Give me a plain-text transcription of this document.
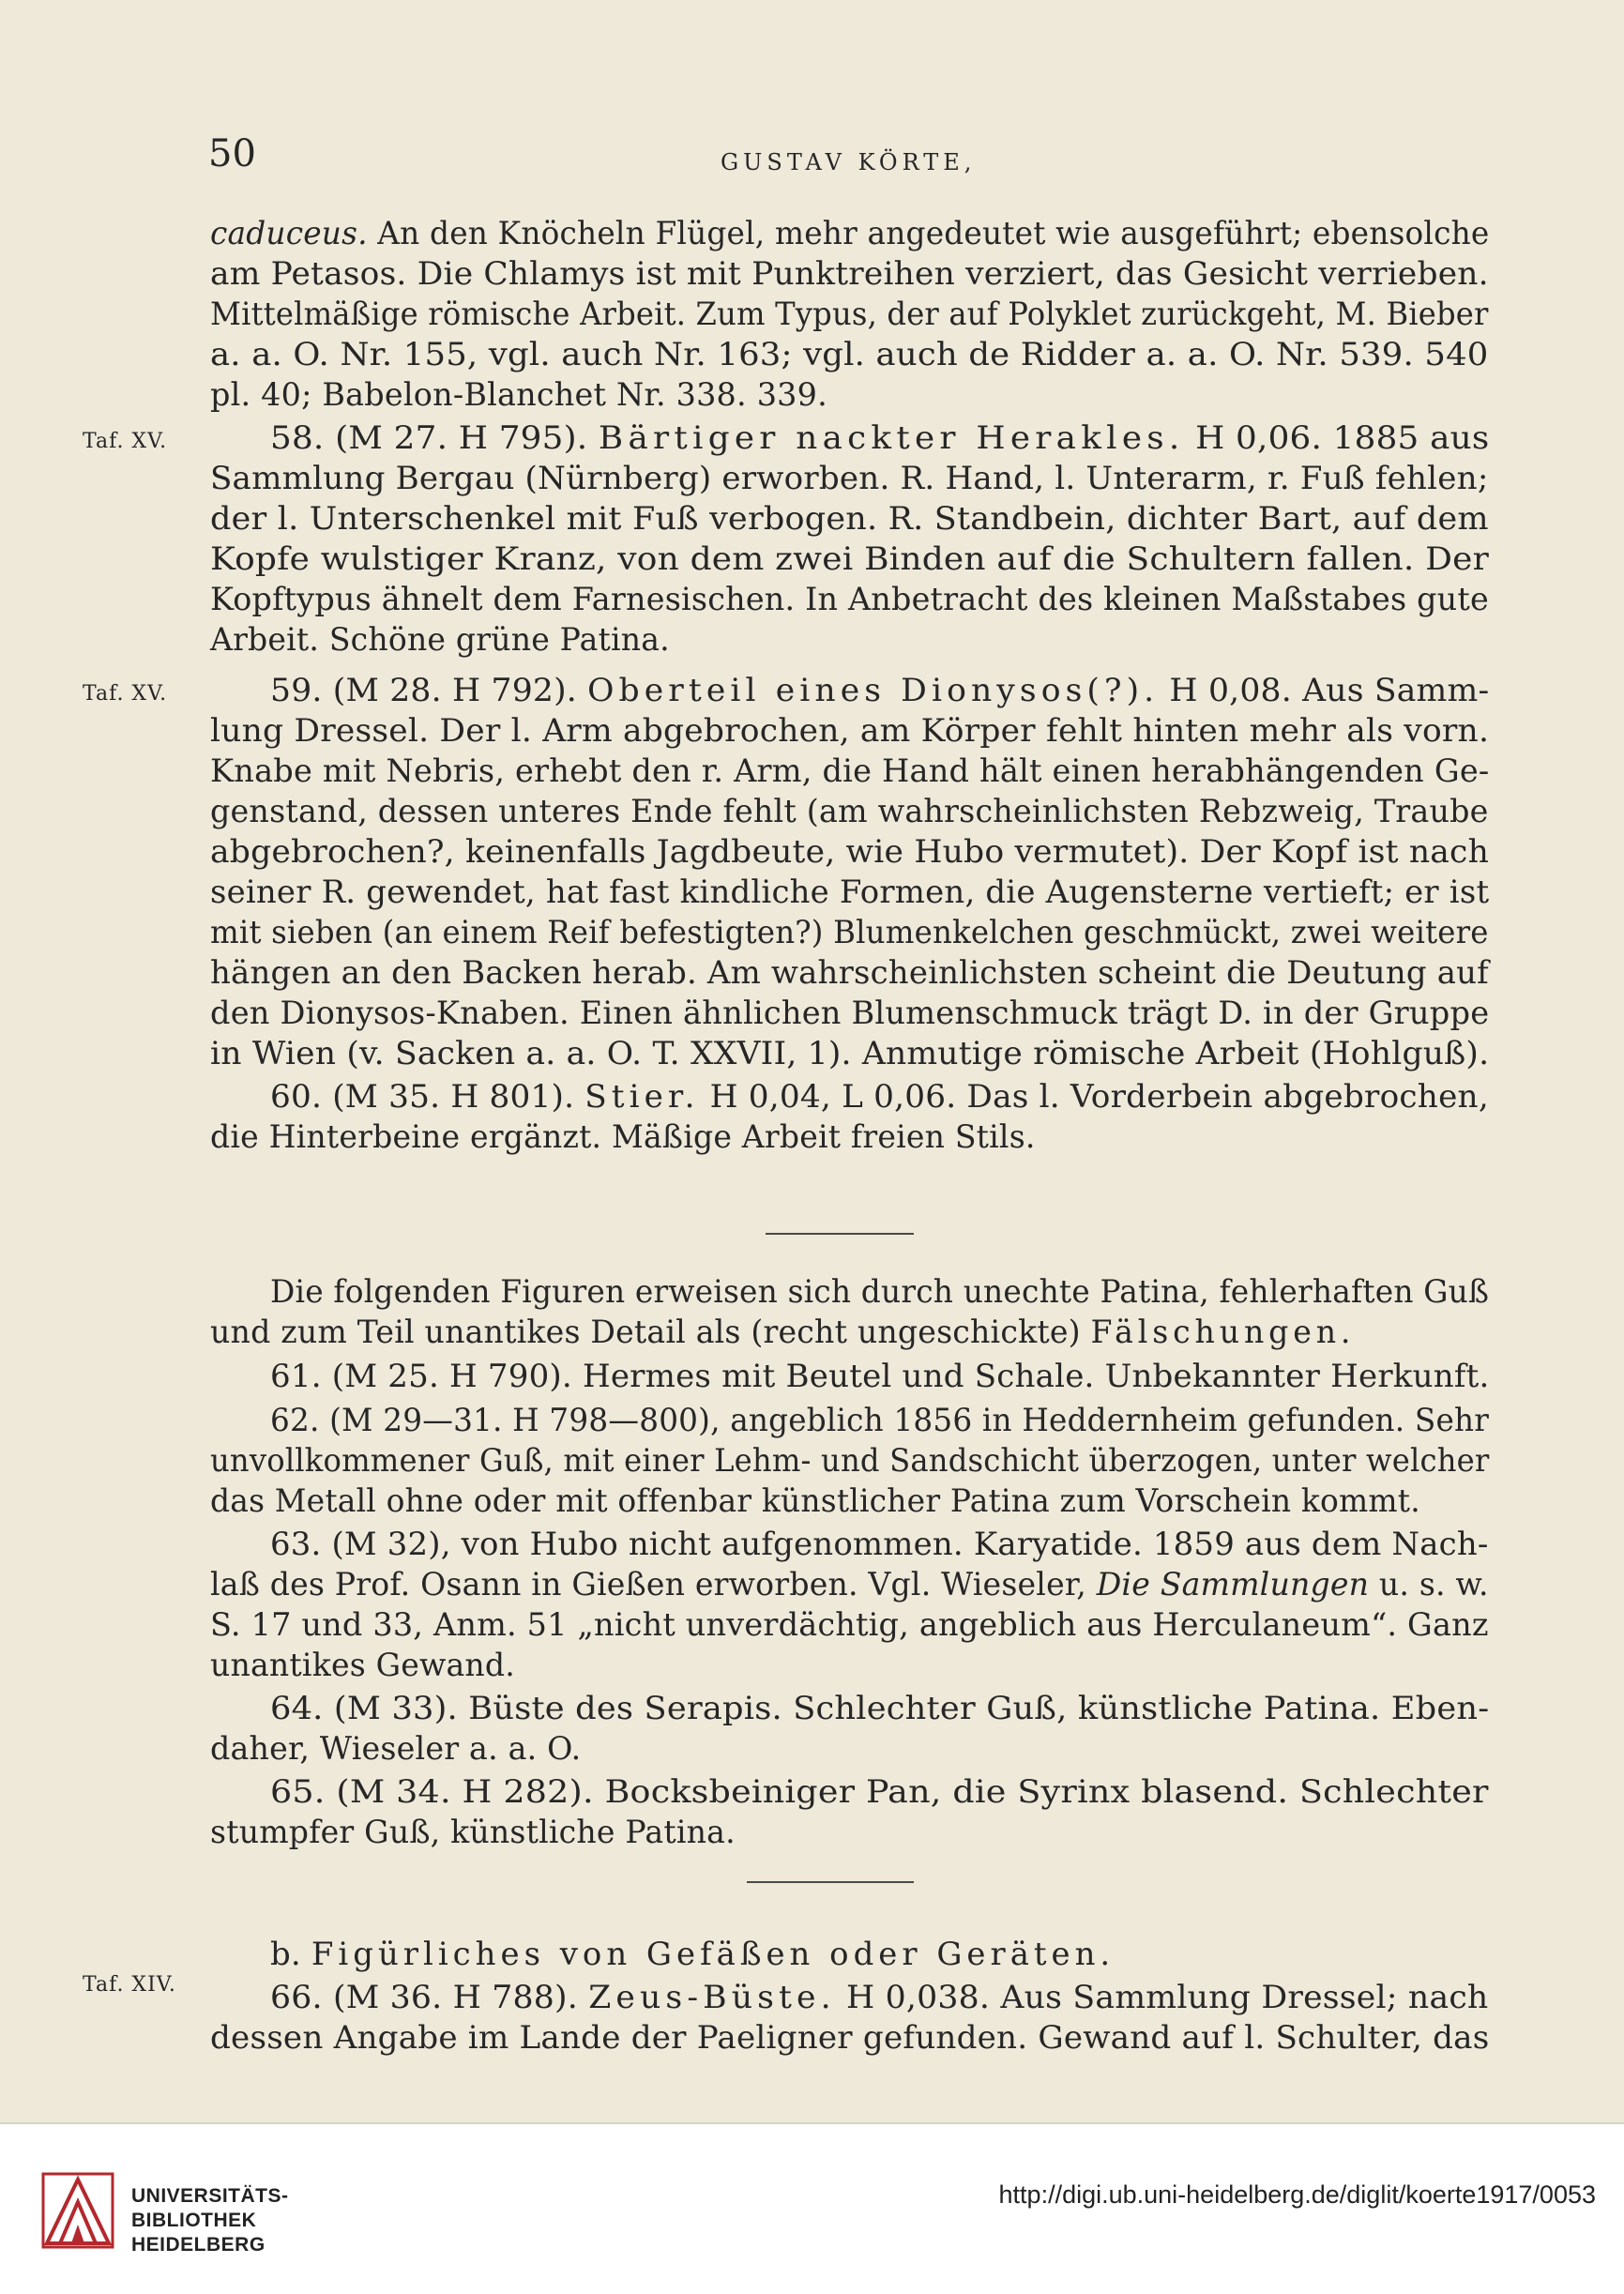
50	GUSTAV KÖRTE,
Taf. XV.
Taf. XV.
Taf. XIV.
caduceus. An den Knöcheln Flügel, mehr angedeutet wie ausgeführt; ebensolche
am Petasos. Die Chlamys ist mit Punktreihen verziert, das Gesicht verrieben.
Mittelmäßige römische Arbeit. Zum Typus, der auf Polyklet zurückgeht, M. Bieber
a. a. O. Nr. 155, vgl. auch Nr. 163; vgl. auch de Ridder a. a. O. Nr. 539. 540
pl. 40; Babelon-Blanchet Nr. 338. 339.
58. (M 27. H 795). Bärtiger nackter Herakles. H 0,06. 1885 aus
Sammlung Bergau (Nürnberg) erworben. R. Hand, l. Unterarm, r. Fuß fehlen;
der l. Unterschenkel mit Fuß verbogen. R. Standbein, dichter Bart, auf dem
Kopfe wulstiger Kranz, von dem zwei Binden auf die Schultern fallen. Der
Kopftypus ähnelt dem Farnesischen. In Anbetracht des kleinen Maßstabes gute
Arbeit. Schöne grüne Patina.
59. (M 28. H 792). Oberteil eines Dionysos(?). H 0,08. Aus Samm-
lung Dressel. Der l. Arm abgebrochen, am Körper fehlt hinten mehr als vorn.
Knabe mit Nebris, erhebt den r. Arm, die Hand hält einen herabhängenden Ge-
genstand, dessen unteres Ende fehlt (am wahrscheinlichsten Rebzweig, Traube
abgebrochen?, keinenfalls Jagdbeute, wie Hubo vermutet). Der Kopf ist nach
seiner R. gewendet, hat fast kindliche Formen, die Augensterne vertieft; er ist
mit sieben (an einem Reif befestigten?) Blumenkelchen geschmückt, zwei weitere
hängen an den Backen herab. Am wahrscheinlichsten scheint die Deutung auf
den Dionysos-Knaben. Einen ähnlichen Blumenschmuck trägt D. in der Gruppe
in Wien (v. Sacken a. a. O. T. XXVII, 1). Anmutige römische Arbeit (Hohlguß).
60. (M 35. H 801). Stier. H 0,04, L 0,06. Das l. Vorderbein abgebrochen,
die Hinterbeine ergänzt. Mäßige Arbeit freien Stils.
Die folgenden Figuren erweisen sich durch unechte Patina, fehlerhaften Guß
und zum Teil unantikes Detail als (recht ungeschickte) Fälschungen.
61. (M 25. H 790). Hermes mit Beutel und Schale. Unbekannter Herkunft.
62. (M 29—31. H 798—800), angeblich 1856 in Heddernheim gefunden. Sehr
unvollkommener Guß, mit einer Lehm- und Sandschicht überzogen, unter welcher
das Metall ohne oder mit offenbar künstlicher Patina zum Vorschein kommt.
63. (M 32), von Hubo nicht aufgenommen. Karyatide. 1859 aus dem Nach-
laß des Prof. Osann in Gießen erworben. Vgl. Wieseler, Die Sammlungen u. s. w.
S. 17 und 33, Anm. 51 „nicht unverdächtig, angeblich aus Herculaneum“. Ganz
unantikes Gewand.
64. (M 33). Büste des Serapis. Schlechter Guß, künstliche Patina. Eben-
daher, Wieseler a. a. O.
65. (M 34. H 282). Bocksbeiniger Pan, die Syrinx blasend. Schlechter
stumpfer Guß, künstliche Patina.
b. Figürliches von Gefäßen oder Geräten.
66. (M 36. H 788). Zeus-Büste. H 0,038. Aus Sammlung Dressel; nach
dessen Angabe im Lande der Paeligner gefunden. Gewand auf l. Schulter, das
UNIVERSITÄTS-
BIBLIOTHEK
HEIDELBERG
http://digi.ub.uni-heidelberg.de/diglit/koerte1917/0053
